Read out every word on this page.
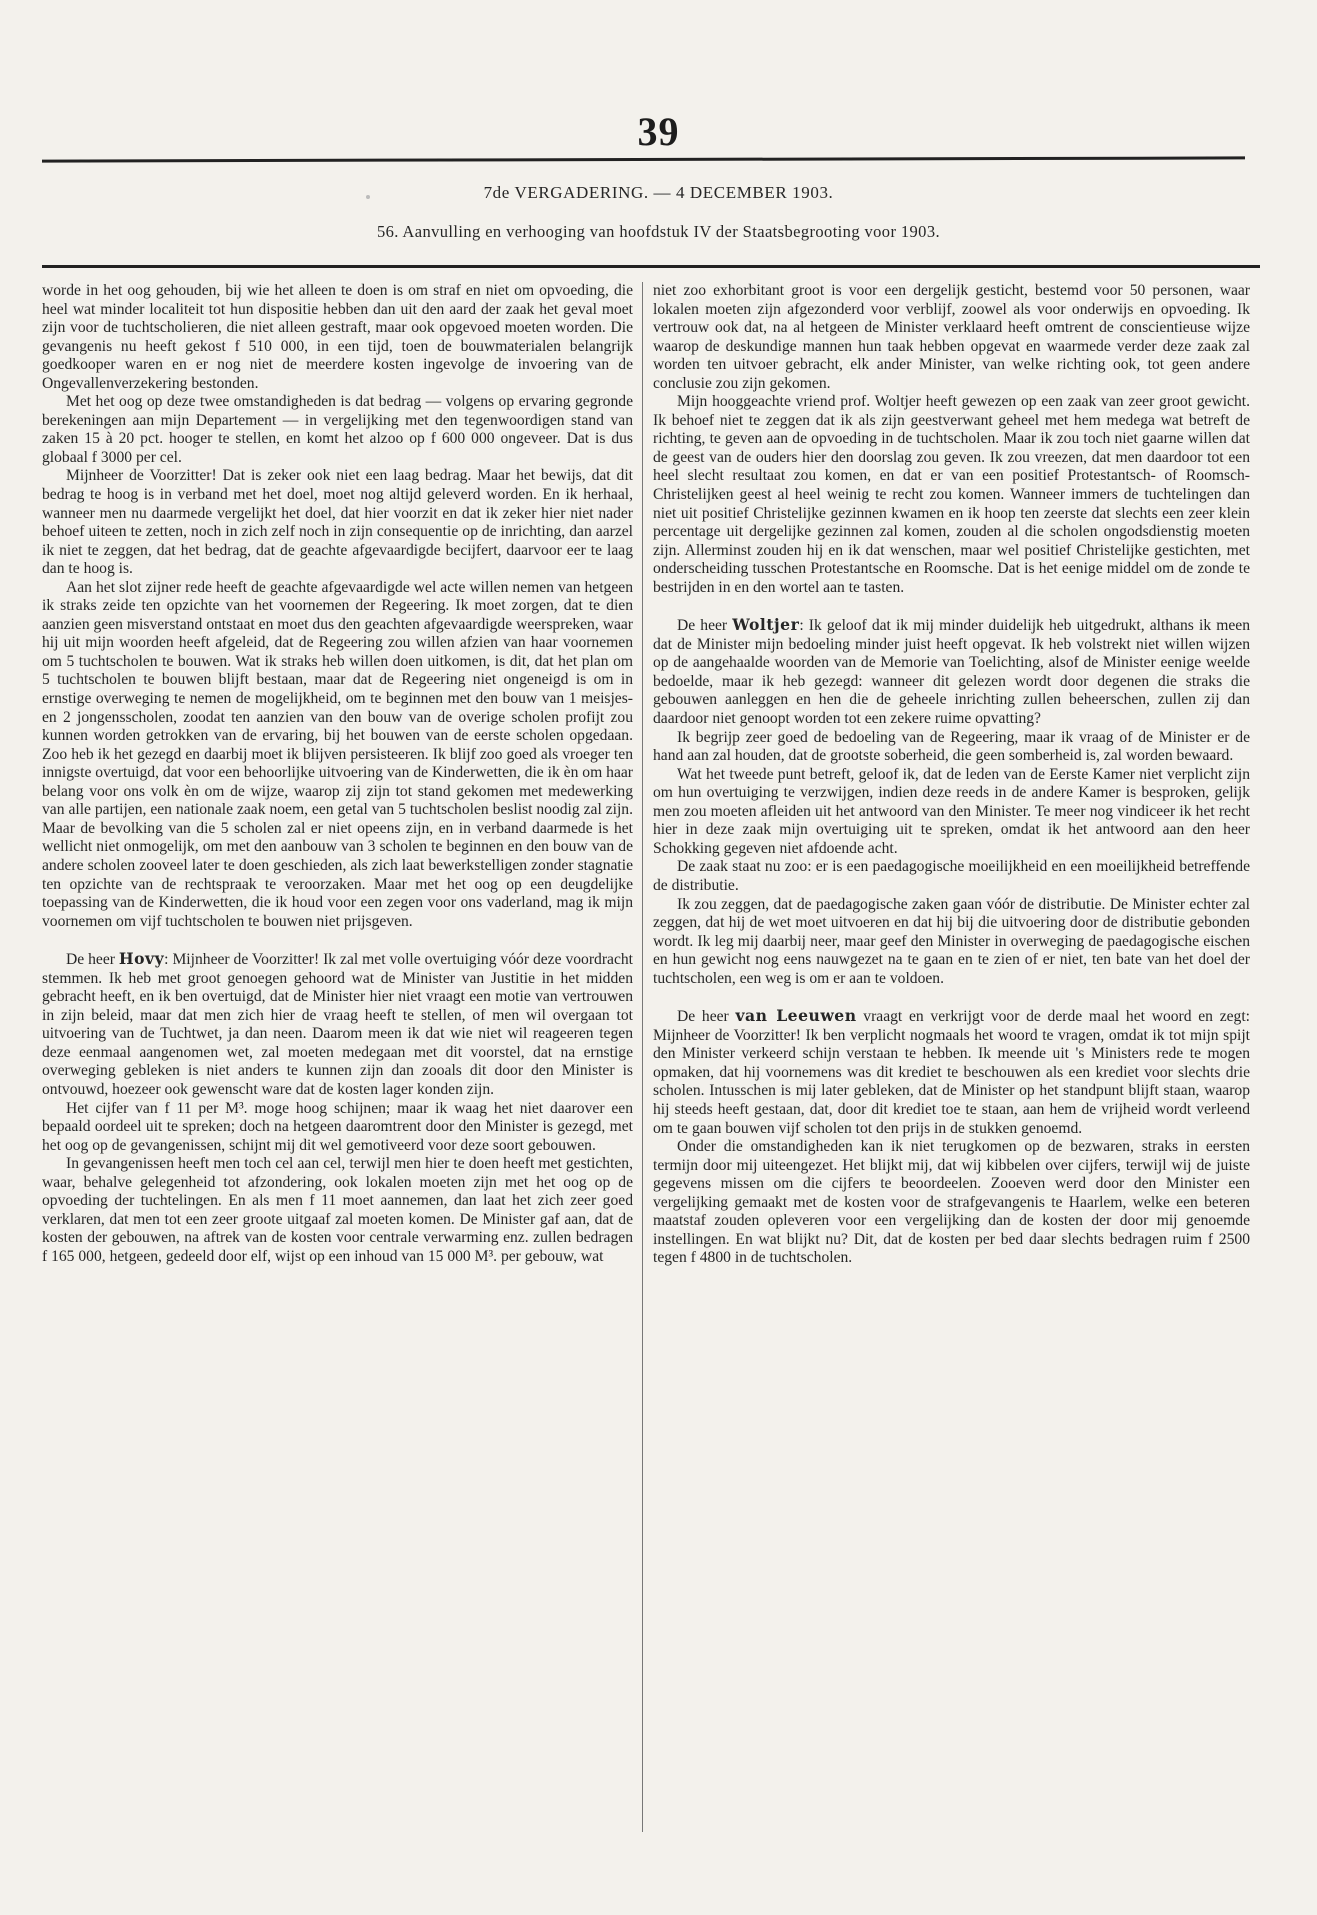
39
7de VERGADERING. — 4 DECEMBER 1903.
56. Aanvulling en verhooging van hoofdstuk IV der Staatsbegrooting voor 1903.

worde in het oog gehouden, bij wie het alleen te doen is om straf en niet om opvoeding, die heel wat minder localiteit tot hun dispositie hebben dan uit den aard der zaak het geval moet zijn voor de tuchtscholieren, die niet alleen gestraft, maar ook opgevoed moeten worden. Die gevangenis nu heeft gekost f 510 000, in een tijd, toen de bouwmaterialen belangrijk goedkooper waren en er nog niet de meerdere kosten ingevolge de invoering van de Ongevallenverzekering bestonden.

Met het oog op deze twee omstandigheden is dat bedrag — volgens op ervaring gegronde berekeningen aan mijn Departement — in vergelijking met den tegenwoordigen stand van zaken 15 à 20 pct. hooger te stellen, en komt het alzoo op f 600 000 ongeveer. Dat is dus globaal f 3000 per cel.

Mijnheer de Voorzitter! Dat is zeker ook niet een laag bedrag. Maar het bewijs, dat dit bedrag te hoog is in verband met het doel, moet nog altijd geleverd worden. En ik herhaal, wanneer men nu daarmede vergelijkt het doel, dat hier voorzit en dat ik zeker hier niet nader behoef uiteen te zetten, noch in zich zelf noch in zijn consequentie op de inrichting, dan aarzel ik niet te zeggen, dat het bedrag, dat de geachte afgevaardigde becijfert, daarvoor eer te laag dan te hoog is.

Aan het slot zijner rede heeft de geachte afgevaardigde wel acte willen nemen van hetgeen ik straks zeide ten opzichte van het voornemen der Regeering. Ik moet zorgen, dat te dien aanzien geen misverstand ontstaat en moet dus den geachten afgevaardigde weerspreken, waar hij uit mijn woorden heeft afgeleid, dat de Regeering zou willen afzien van haar voornemen om 5 tuchtscholen te bouwen. Wat ik straks heb willen doen uitkomen, is dit, dat het plan om 5 tuchtscholen te bouwen blijft bestaan, maar dat de Regeering niet ongeneigd is om in ernstige overweging te nemen de mogelijkheid, om te beginnen met den bouw van 1 meisjes- en 2 jongensscholen, zoodat ten aanzien van den bouw van de overige scholen profijt zou kunnen worden getrokken van de ervaring, bij het bouwen van de eerste scholen opgedaan. Zoo heb ik het gezegd en daarbij moet ik blijven persisteeren. Ik blijf zoo goed als vroeger ten innigste overtuigd, dat voor een behoorlijke uitvoering van de Kinderwetten, die ik èn om haar belang voor ons volk èn om de wijze, waarop zij zijn tot stand gekomen met medewerking van alle partijen, een nationale zaak noem, een getal van 5 tuchtscholen beslist noodig zal zijn. Maar de bevolking van die 5 scholen zal er niet opeens zijn, en in verband daarmede is het wellicht niet onmogelijk, om met den aanbouw van 3 scholen te beginnen en den bouw van de andere scholen zooveel later te doen geschieden, als zich laat bewerkstelligen zonder stagnatie ten opzichte van de rechtspraak te veroorzaken. Maar met het oog op een deugdelijke toepassing van de Kinderwetten, die ik houd voor een zegen voor ons vaderland, mag ik mijn voornemen om vijf tuchtscholen te bouwen niet prijsgeven.

De heer Hovy: Mijnheer de Voorzitter! Ik zal met volle overtuiging vóór deze voordracht stemmen. Ik heb met groot genoegen gehoord wat de Minister van Justitie in het midden gebracht heeft, en ik ben overtuigd, dat de Minister hier niet vraagt een motie van vertrouwen in zijn beleid, maar dat men zich hier de vraag heeft te stellen, of men wil overgaan tot uitvoering van de Tuchtwet, ja dan neen. Daarom meen ik dat wie niet wil reageeren tegen deze eenmaal aangenomen wet, zal moeten medegaan met dit voorstel, dat na ernstige overweging gebleken is niet anders te kunnen zijn dan zooals dit door den Minister is ontvouwd, hoezeer ook gewenscht ware dat de kosten lager konden zijn.

Het cijfer van f 11 per M³. moge hoog schijnen; maar ik waag het niet daarover een bepaald oordeel uit te spreken; doch na hetgeen daaromtrent door den Minister is gezegd, met het oog op de gevangenissen, schijnt mij dit wel gemotiveerd voor deze soort gebouwen.

In gevangenissen heeft men toch cel aan cel, terwijl men hier te doen heeft met gestichten, waar, behalve gelegenheid tot afzondering, ook lokalen moeten zijn met het oog op de opvoeding der tuchtelingen. En als men f 11 moet aannemen, dan laat het zich zeer goed verklaren, dat men tot een zeer groote uitgaaf zal moeten komen. De Minister gaf aan, dat de kosten der gebouwen, na aftrek van de kosten voor centrale verwarming enz. zullen bedragen f 165 000, hetgeen, gedeeld door elf, wijst op een inhoud van 15 000 M³. per gebouw, wat

niet zoo exhorbitant groot is voor een dergelijk gesticht, bestemd voor 50 personen, waar lokalen moeten zijn afgezonderd voor verblijf, zoowel als voor onderwijs en opvoeding. Ik vertrouw ook dat, na al hetgeen de Minister verklaard heeft omtrent de conscientieuse wijze waarop de deskundige mannen hun taak hebben opgevat en waarmede verder deze zaak zal worden ten uitvoer gebracht, elk ander Minister, van welke richting ook, tot geen andere conclusie zou zijn gekomen.

Mijn hooggeachte vriend prof. Woltjer heeft gewezen op een zaak van zeer groot gewicht. Ik behoef niet te zeggen dat ik als zijn geestverwant geheel met hem medega wat betreft de richting, te geven aan de opvoeding in de tuchtscholen. Maar ik zou toch niet gaarne willen dat de geest van de ouders hier den doorslag zou geven. Ik zou vreezen, dat men daardoor tot een heel slecht resultaat zou komen, en dat er van een positief Protestantsch- of Roomsch-Christelijken geest al heel weinig te recht zou komen. Wanneer immers de tuchtelingen dan niet uit positief Christelijke gezinnen kwamen en ik hoop ten zeerste dat slechts een zeer klein percentage uit dergelijke gezinnen zal komen, zouden al die scholen ongodsdienstig moeten zijn. Allerminst zouden hij en ik dat wenschen, maar wel positief Christelijke gestichten, met onderscheiding tusschen Protestantsche en Roomsche. Dat is het eenige middel om de zonde te bestrijden in en den wortel aan te tasten.

De heer Woltjer: Ik geloof dat ik mij minder duidelijk heb uitgedrukt, althans ik meen dat de Minister mijn bedoeling minder juist heeft opgevat. Ik heb volstrekt niet willen wijzen op de aangehaalde woorden van de Memorie van Toelichting, alsof de Minister eenige weelde bedoelde, maar ik heb gezegd: wanneer dit gelezen wordt door degenen die straks die gebouwen aanleggen en hen die de geheele inrichting zullen beheerschen, zullen zij dan daardoor niet genoopt worden tot een zekere ruime opvatting?

Ik begrijp zeer goed de bedoeling van de Regeering, maar ik vraag of de Minister er de hand aan zal houden, dat de grootste soberheid, die geen somberheid is, zal worden bewaard.

Wat het tweede punt betreft, geloof ik, dat de leden van de Eerste Kamer niet verplicht zijn om hun overtuiging te verzwijgen, indien deze reeds in de andere Kamer is besproken, gelijk men zou moeten afleiden uit het antwoord van den Minister. Te meer nog vindiceer ik het recht hier in deze zaak mijn overtuiging uit te spreken, omdat ik het antwoord aan den heer Schokking gegeven niet afdoende acht.

De zaak staat nu zoo: er is een paedagogische moeilijkheid en een moeilijkheid betreffende de distributie.

Ik zou zeggen, dat de paedagogische zaken gaan vóór de distributie. De Minister echter zal zeggen, dat hij de wet moet uitvoeren en dat hij bij die uitvoering door de distributie gebonden wordt. Ik leg mij daarbij neer, maar geef den Minister in overweging de paedagogische eischen en hun gewicht nog eens nauwgezet na te gaan en te zien of er niet, ten bate van het doel der tuchtscholen, een weg is om er aan te voldoen.

De heer van Leeuwen vraagt en verkrijgt voor de derde maal het woord en zegt: Mijnheer de Voorzitter! Ik ben verplicht nogmaals het woord te vragen, omdat ik tot mijn spijt den Minister verkeerd schijn verstaan te hebben. Ik meende uit 's Ministers rede te mogen opmaken, dat hij voornemens was dit krediet te beschouwen als een krediet voor slechts drie scholen. Intusschen is mij later gebleken, dat de Minister op het standpunt blijft staan, waarop hij steeds heeft gestaan, dat, door dit krediet toe te staan, aan hem de vrijheid wordt verleend om te gaan bouwen vijf scholen tot den prijs in de stukken genoemd.

Onder die omstandigheden kan ik niet terugkomen op de bezwaren, straks in eersten termijn door mij uiteengezet. Het blijkt mij, dat wij kibbelen over cijfers, terwijl wij de juiste gegevens missen om die cijfers te beoordeelen. Zooeven werd door den Minister een vergelijking gemaakt met de kosten voor de strafgevangenis te Haarlem, welke een beteren maatstaf zouden opleveren voor een vergelijking dan de kosten der door mij genoemde instellingen. En wat blijkt nu? Dit, dat de kosten per bed daar slechts bedragen ruim f 2500 tegen f 4800 in de tuchtscholen.
